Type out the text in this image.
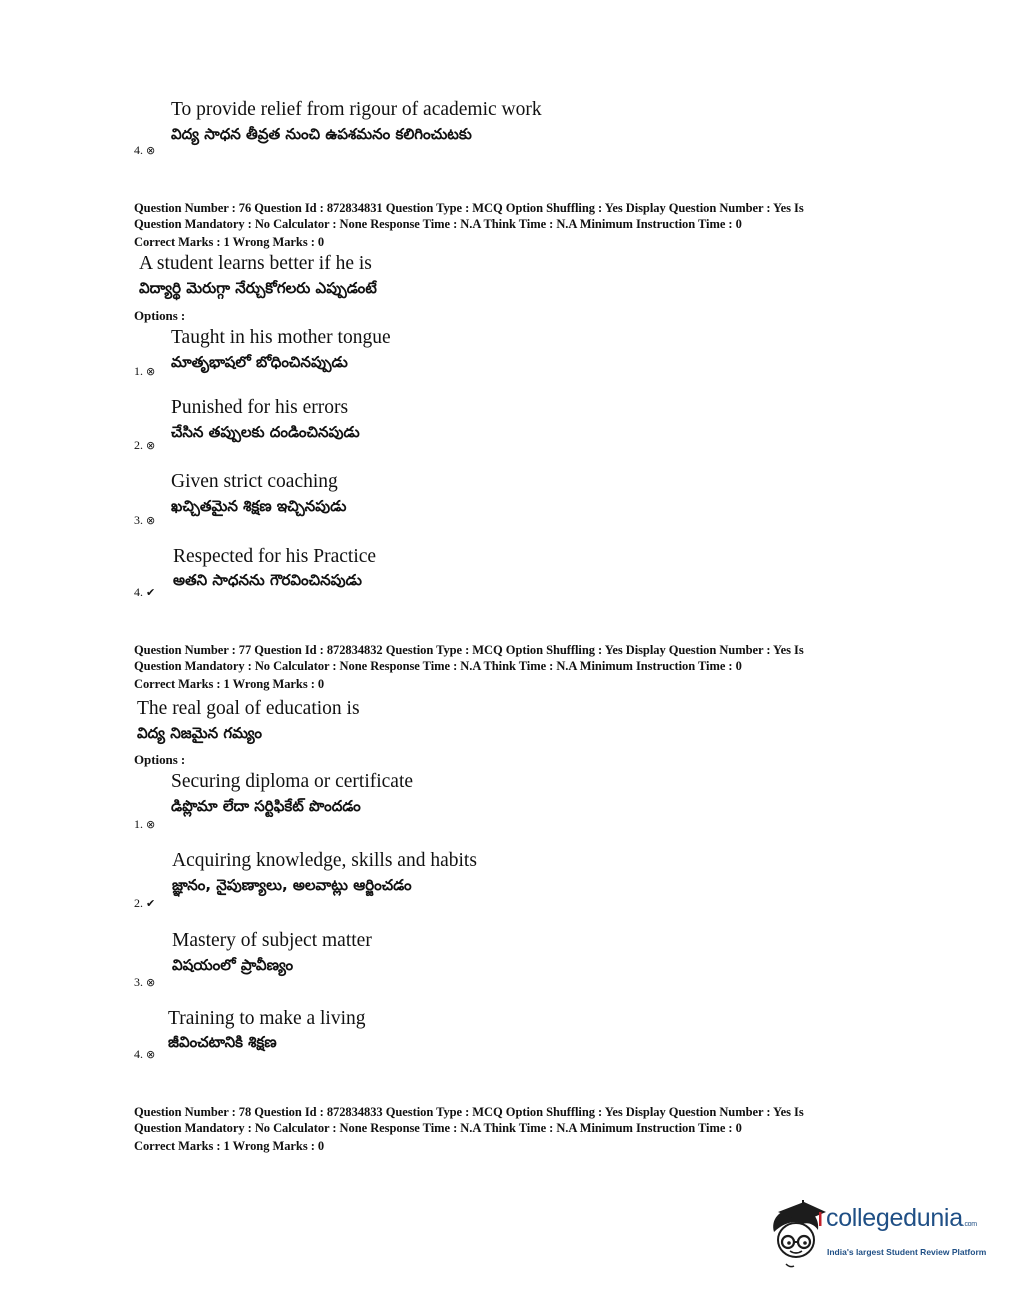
To provide relief from rigour of academic work
విద్య సాధన తీవ్రత నుంచి ఉపశమనం కలిగించుటకు
4. ⊗
Question Number : 76 Question Id : 872834831 Question Type : MCQ Option Shuffling : Yes Display Question Number : Yes Is
Question Mandatory : No Calculator : None Response Time : N.A Think Time : N.A Minimum Instruction Time : 0
Correct Marks : 1 Wrong Marks : 0
A student learns better if he is
విద్యార్థి మెరుగ్గా నేర్చుకోగలరు ఎప్పుడంటే
Options :
Taught in his mother tongue
మాతృభాషలో బోధించినప్పుడు
1. ⊗
Punished for his errors
చేసిన తప్పులకు దండించినపుడు
2. ⊗
Given strict coaching
ఖచ్చితమైన శిక్షణ ఇచ్చినపుడు
3. ⊗
Respected for his Practice
అతని సాధనను గౌరవించినపుడు
4. ✔
Question Number : 77 Question Id : 872834832 Question Type : MCQ Option Shuffling : Yes Display Question Number : Yes Is
Question Mandatory : No Calculator : None Response Time : N.A Think Time : N.A Minimum Instruction Time : 0
Correct Marks : 1 Wrong Marks : 0
The real goal of education is
విద్య నిజమైన గమ్యం
Options :
Securing diploma or certificate
డిప్లొమా లేదా సర్టిఫికేట్ పొందడం
1. ⊗
Acquiring knowledge, skills and habits
జ్ఞానం, నైపుణ్యాలు, అలవాట్లు ఆర్జించడం
2. ✔
Mastery of subject matter
విషయంలో ప్రావీణ్యం
3. ⊗
Training to make a living
జీవించటానికి శిక్షణ
4. ⊗
Question Number : 78 Question Id : 872834833 Question Type : MCQ Option Shuffling : Yes Display Question Number : Yes Is
Question Mandatory : No Calculator : None Response Time : N.A Think Time : N.A Minimum Instruction Time : 0
Correct Marks : 1 Wrong Marks : 0
collegedunia.com
India's largest Student Review Platform
